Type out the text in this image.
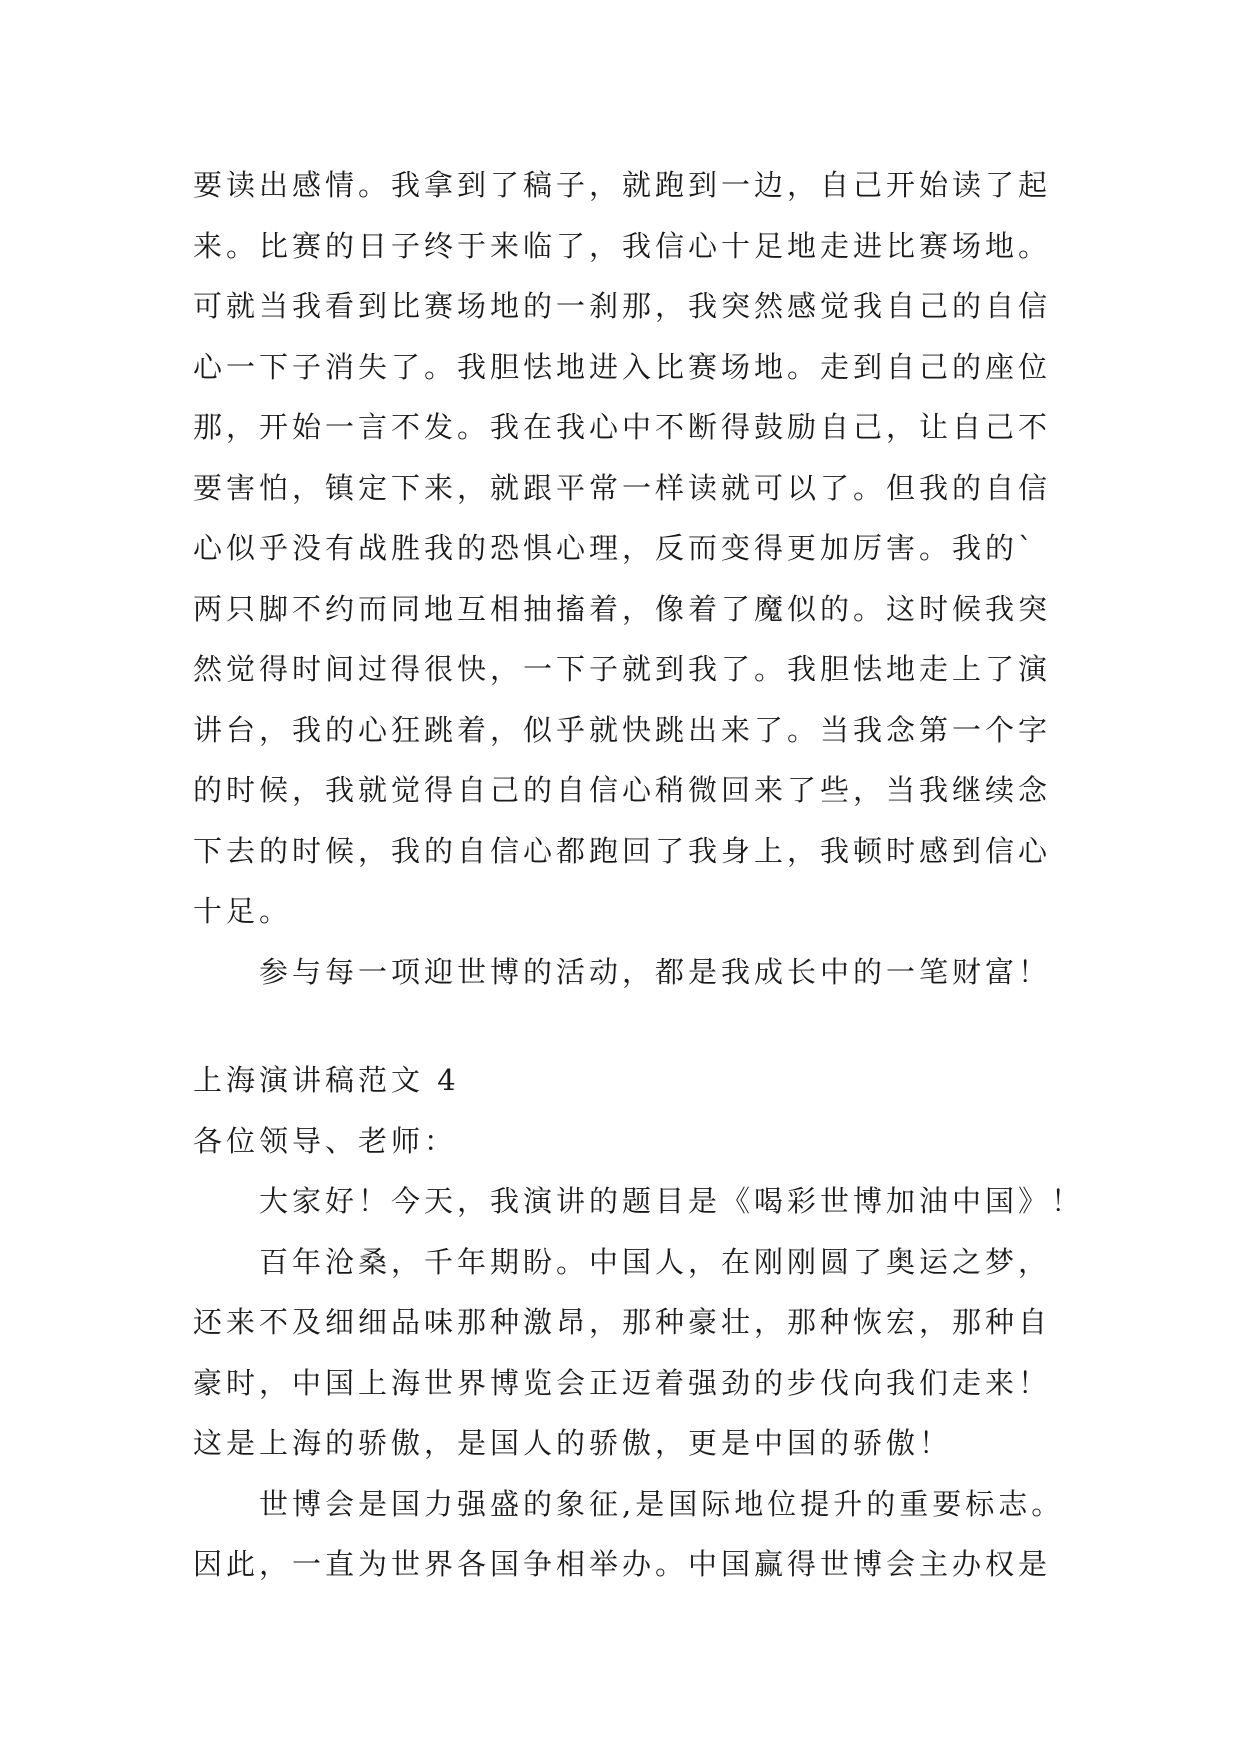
要读出感情。我拿到了稿子，就跑到一边，自己开始读了起
来。比赛的日子终于来临了，我信心十足地走进比赛场地。
可就当我看到比赛场地的一刹那，我突然感觉我自己的自信
心一下子消失了。我胆怯地进入比赛场地。走到自己的座位
那，开始一言不发。我在我心中不断得鼓励自己，让自己不
要害怕，镇定下来，就跟平常一样读就可以了。但我的自信
心似乎没有战胜我的恐惧心理，反而变得更加厉害。我的`
两只脚不约而同地互相抽搐着，像着了魔似的。这时候我突
然觉得时间过得很快，一下子就到我了。我胆怯地走上了演
讲台，我的心狂跳着，似乎就快跳出来了。当我念第一个字
的时候，我就觉得自己的自信心稍微回来了些，当我继续念
下去的时候，我的自信心都跑回了我身上，我顿时感到信心
十足。
参与每一项迎世博的活动，都是我成长中的一笔财富！
上海演讲稿范文 4
各位领导、老师：
大家好！今天，我演讲的题目是《喝彩世博加油中国》！
百年沧桑，千年期盼。中国人，在刚刚圆了奥运之梦，
还来不及细细品味那种激昂，那种豪壮，那种恢宏，那种自
豪时，中国上海世界博览会正迈着强劲的步伐向我们走来！
这是上海的骄傲，是国人的骄傲，更是中国的骄傲！
世博会是国力强盛的象征,是国际地位提升的重要标志。
因此，一直为世界各国争相举办。中国赢得世博会主办权是
